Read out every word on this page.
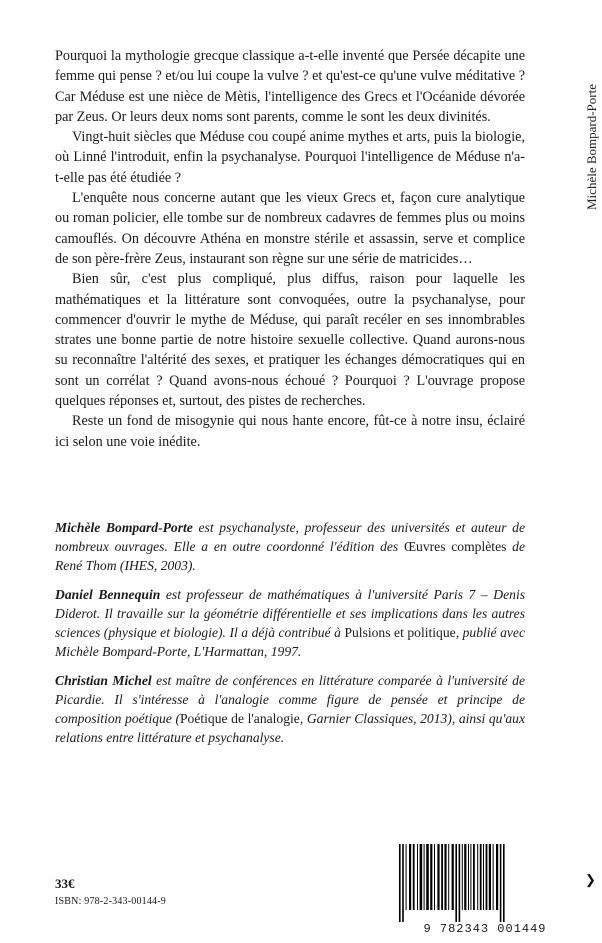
Michèle Bompard-Porte

Pourquoi la mythologie grecque classique a-t-elle inventé que Persée décapite une femme qui pense ? et/ou lui coupe la vulve ? et qu'est-ce qu'une vulve méditative ? Car Méduse est une nièce de Mètis, l'intelligence des Grecs et l'Océanide dévorée par Zeus. Or leurs deux noms sont parents, comme le sont les deux divinités.

Vingt-huit siècles que Méduse cou coupé anime mythes et arts, puis la biologie, où Linné l'introduit, enfin la psychanalyse. Pourquoi l'intelligence de Méduse n'a-t-elle pas été étudiée ?

L'enquête nous concerne autant que les vieux Grecs et, façon cure analytique ou roman policier, elle tombe sur de nombreux cadavres de femmes plus ou moins camouflés. On découvre Athéna en monstre stérile et assassin, serve et complice de son père-frère Zeus, instaurant son règne sur une série de matricides…

Bien sûr, c'est plus compliqué, plus diffus, raison pour laquelle les mathématiques et la littérature sont convoquées, outre la psychanalyse, pour commencer d'ouvrir le mythe de Méduse, qui paraît recéler en ses innombrables strates une bonne partie de notre histoire sexuelle collective. Quand aurons-nous su reconnaître l'altérité des sexes, et pratiquer les échanges démocratiques qui en sont un corrélat ? Quand avons-nous échoué ? Pourquoi ? L'ouvrage propose quelques réponses et, surtout, des pistes de recherches.

Reste un fond de misogynie qui nous hante encore, fût-ce à notre insu, éclairé ici selon une voie inédite.

Michèle Bompard-Porte est psychanalyste, professeur des universités et auteur de nombreux ouvrages. Elle a en outre coordonné l'édition des Œuvres complètes de René Thom (IHES, 2003).

Daniel Bennequin est professeur de mathématiques à l'université Paris 7 – Denis Diderot. Il travaille sur la géométrie différentielle et ses implications dans les autres sciences (physique et biologie). Il a déjà contribué à Pulsions et politique, publié avec Michèle Bompard-Porte, L'Harmattan, 1997.

Christian Michel est maître de conférences en littérature comparée à l'université de Picardie. Il s'intéresse à l'analogie comme figure de pensée et principe de composition poétique (Poétique de l'analogie, Garnier Classiques, 2013), ainsi qu'aux relations entre littérature et psychanalyse.

33€
ISBN: 978-2-343-00144-9
9 782343 001449
❯
